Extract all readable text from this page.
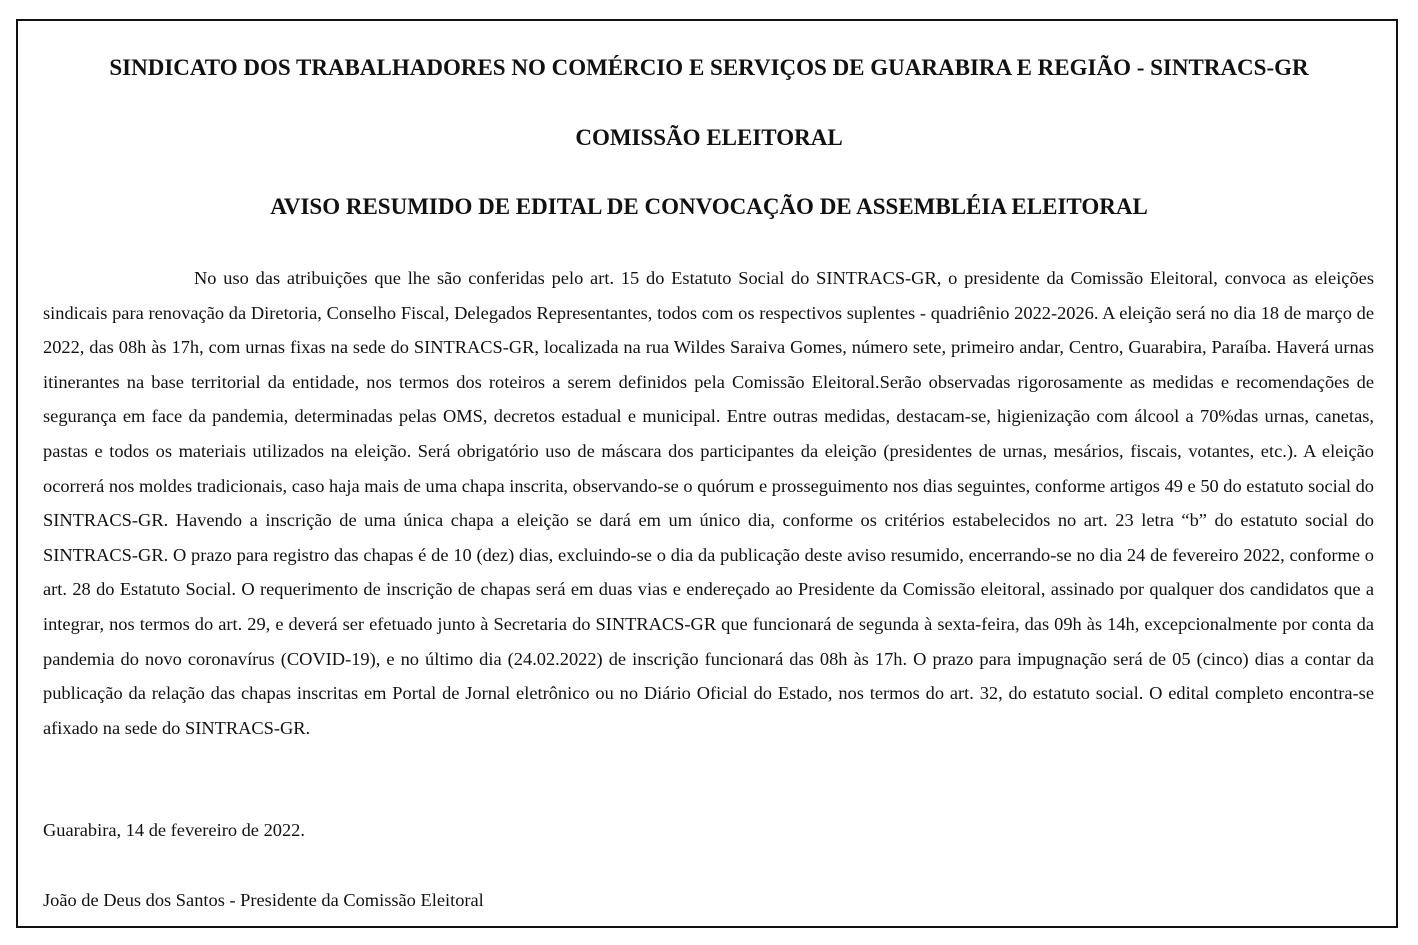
SINDICATO DOS TRABALHADORES NO COMÉRCIO E SERVIÇOS DE GUARABIRA E REGIÃO - SINTRACS-GR
COMISSÃO ELEITORAL
AVISO RESUMIDO DE EDITAL DE CONVOCAÇÃO DE ASSEMBLÉIA ELEITORAL

No uso das atribuições que lhe são conferidas pelo art. 15 do Estatuto Social do SINTRACS-GR, o presidente da Comissão Eleitoral, convoca as eleições sindicais para renovação da Diretoria, Conselho Fiscal, Delegados Representantes, todos com os respectivos suplentes - quadriênio 2022-2026. A eleição será no dia 18 de março de 2022, das 08h às 17h, com urnas fixas na sede do SINTRACS-GR, localizada na rua Wildes Saraiva Gomes, número sete, primeiro andar, Centro, Guarabira, Paraíba. Haverá urnas itinerantes na base territorial da entidade, nos termos dos roteiros a serem definidos pela Comissão Eleitoral.Serão observadas rigorosamente as medidas e recomendações de segurança em face da pandemia, determinadas pelas OMS, decretos estadual e municipal. Entre outras medidas, destacam-se, higienização com álcool a 70%das urnas, canetas, pastas e todos os materiais utilizados na eleição. Será obrigatório uso de máscara dos participantes da eleição (presidentes de urnas, mesários, fiscais, votantes, etc.). A eleição ocorrerá nos moldes tradicionais, caso haja mais de uma chapa inscrita, observando-se o quórum e prosseguimento nos dias seguintes, conforme artigos 49 e 50 do estatuto social do SINTRACS-GR. Havendo a inscrição de uma única chapa a eleição se dará em um único dia, conforme os critérios estabelecidos no art. 23 letra “b” do estatuto social do SINTRACS-GR. O prazo para registro das chapas é de 10 (dez) dias, excluindo-se o dia da publicação deste aviso resumido, encerrando-se no dia 24 de fevereiro 2022, conforme o art. 28 do Estatuto Social. O requerimento de inscrição de chapas será em duas vias e endereçado ao Presidente da Comissão eleitoral, assinado por qualquer dos candidatos que a integrar, nos termos do art. 29, e deverá ser efetuado junto à Secretaria do SINTRACS-GR que funcionará de segunda à sexta-feira, das 09h às 14h, excepcionalmente por conta da pandemia do novo coronavírus (COVID-19), e no último dia (24.02.2022) de inscrição funcionará das 08h às 17h. O prazo para impugnação será de 05 (cinco) dias a contar da publicação da relação das chapas inscritas em Portal de Jornal eletrônico ou no Diário Oficial do Estado, nos termos do art. 32, do estatuto social. O edital completo encontra-se afixado na sede do SINTRACS-GR.

Guarabira, 14 de fevereiro de 2022.

João de Deus dos Santos - Presidente da Comissão Eleitoral
